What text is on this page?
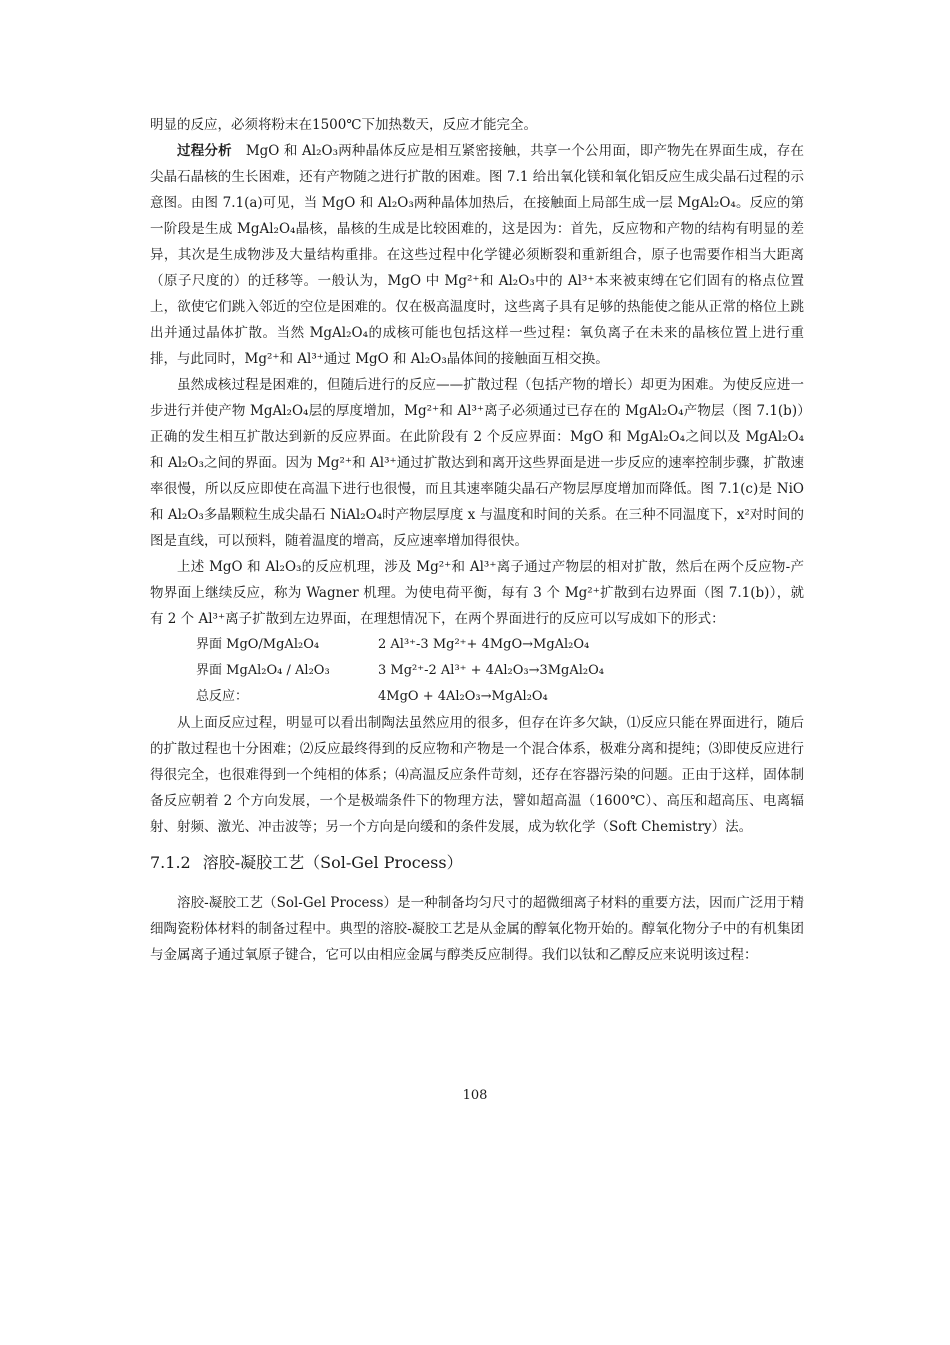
明显的反应，必须将粉末在1500℃下加热数天，反应才能完全。

过程分析 MgO 和 Al₂O₃两种晶体反应是相互紧密接触，共享一个公用面，即产物先在界面生成，存在尖晶石晶核的生长困难，还有产物随之进行扩散的困难。图 7.1 给出氧化镁和氧化铝反应生成尖晶石过程的示意图。由图 7.1(a)可见，当 MgO 和 Al₂O₃两种晶体加热后，在接触面上局部生成一层 MgAl₂O₄。反应的第一阶段是生成 MgAl₂O₄晶核，晶核的生成是比较困难的，这是因为：首先，反应物和产物的结构有明显的差异，其次是生成物涉及大量结构重排。在这些过程中化学键必须断裂和重新组合，原子也需要作相当大距离（原子尺度的）的迁移等。一般认为，MgO 中 Mg²⁺和 Al₂O₃中的 Al³⁺本来被束缚在它们固有的格点位置上，欲使它们跳入邻近的空位是困难的。仅在极高温度时，这些离子具有足够的热能使之能从正常的格位上跳出并通过晶体扩散。当然 MgAl₂O₄的成核可能也包括这样一些过程：氧负离子在未来的晶核位置上进行重排，与此同时，Mg²⁺和 Al³⁺通过 MgO 和 Al₂O₃晶体间的接触面互相交换。

虽然成核过程是困难的，但随后进行的反应——扩散过程（包括产物的增长）却更为困难。为使反应进一步进行并使产物 MgAl₂O₄层的厚度增加，Mg²⁺和 Al³⁺离子必须通过已存在的 MgAl₂O₄产物层（图 7.1(b)）正确的发生相互扩散达到新的反应界面。在此阶段有 2 个反应界面：MgO 和 MgAl₂O₄之间以及 MgAl₂O₄ 和 Al₂O₃之间的界面。因为 Mg²⁺和 Al³⁺通过扩散达到和离开这些界面是进一步反应的速率控制步骤，扩散速率很慢，所以反应即使在高温下进行也很慢，而且其速率随尖晶石产物层厚度增加而降低。图 7.1(c)是 NiO 和 Al₂O₃多晶颗粒生成尖晶石 NiAl₂O₄时产物层厚度 x 与温度和时间的关系。在三种不同温度下，x²对时间的图是直线，可以预料，随着温度的增高，反应速率增加得很快。

上述 MgO 和 Al₂O₃的反应机理，涉及 Mg²⁺和 Al³⁺离子通过产物层的相对扩散，然后在两个反应物-产物界面上继续反应，称为 Wagner 机理。为使电荷平衡，每有 3 个 Mg²⁺扩散到右边界面（图 7.1(b)），就有 2 个 Al³⁺离子扩散到左边界面，在理想情况下，在两个界面进行的反应可以写成如下的形式：

界面 MgO/MgAl₂O₄	2 Al³⁺-3 Mg²⁺+ 4MgO→MgAl₂O₄
界面 MgAl₂O₄ / Al₂O₃	3 Mg²⁺-2 Al³⁺ + 4Al₂O₃→3MgAl₂O₄
总反应：	4MgO + 4Al₂O₃→MgAl₂O₄

从上面反应过程，明显可以看出制陶法虽然应用的很多，但存在许多欠缺，⑴反应只能在界面进行，随后的扩散过程也十分困难；⑵反应最终得到的反应物和产物是一个混合体系，极难分离和提纯；⑶即使反应进行得很完全，也很难得到一个纯相的体系；⑷高温反应条件苛刻，还存在容器污染的问题。正由于这样，固体制备反应朝着 2 个方向发展，一个是极端条件下的物理方法，譬如超高温（1600℃）、高压和超高压、电离辐射、射频、激光、冲击波等；另一个方向是向缓和的条件发展，成为软化学（Soft Chemistry）法。

7.1.2 溶胶-凝胶工艺（Sol-Gel Process）

溶胶-凝胶工艺（Sol-Gel Process）是一种制备均匀尺寸的超微细离子材料的重要方法，因而广泛用于精细陶瓷粉体材料的制备过程中。典型的溶胶-凝胶工艺是从金属的醇氧化物开始的。醇氧化物分子中的有机集团与金属离子通过氧原子键合，它可以由相应金属与醇类反应制得。我们以钛和乙醇反应来说明该过程：

108
